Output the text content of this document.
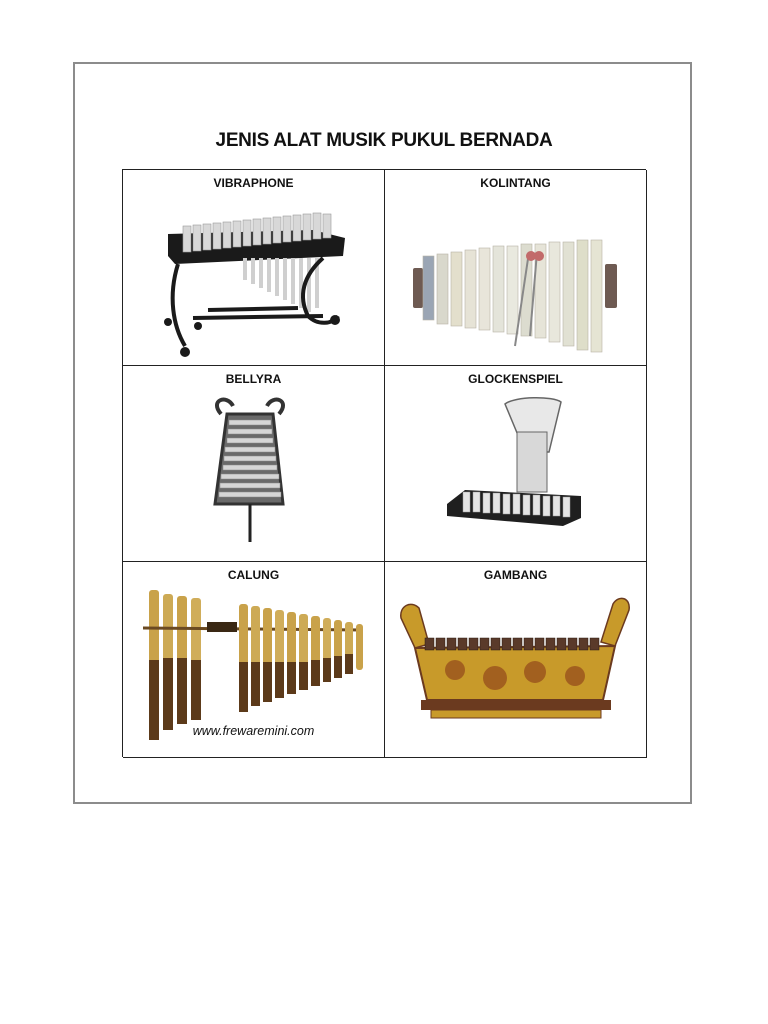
JENIS ALAT MUSIK PUKUL BERNADA
VIBRAPHONE	KOLINTANG
BELLYRA	GLOCKENSPIEL
CALUNG
www.frewaremini.com
GAMBANG
